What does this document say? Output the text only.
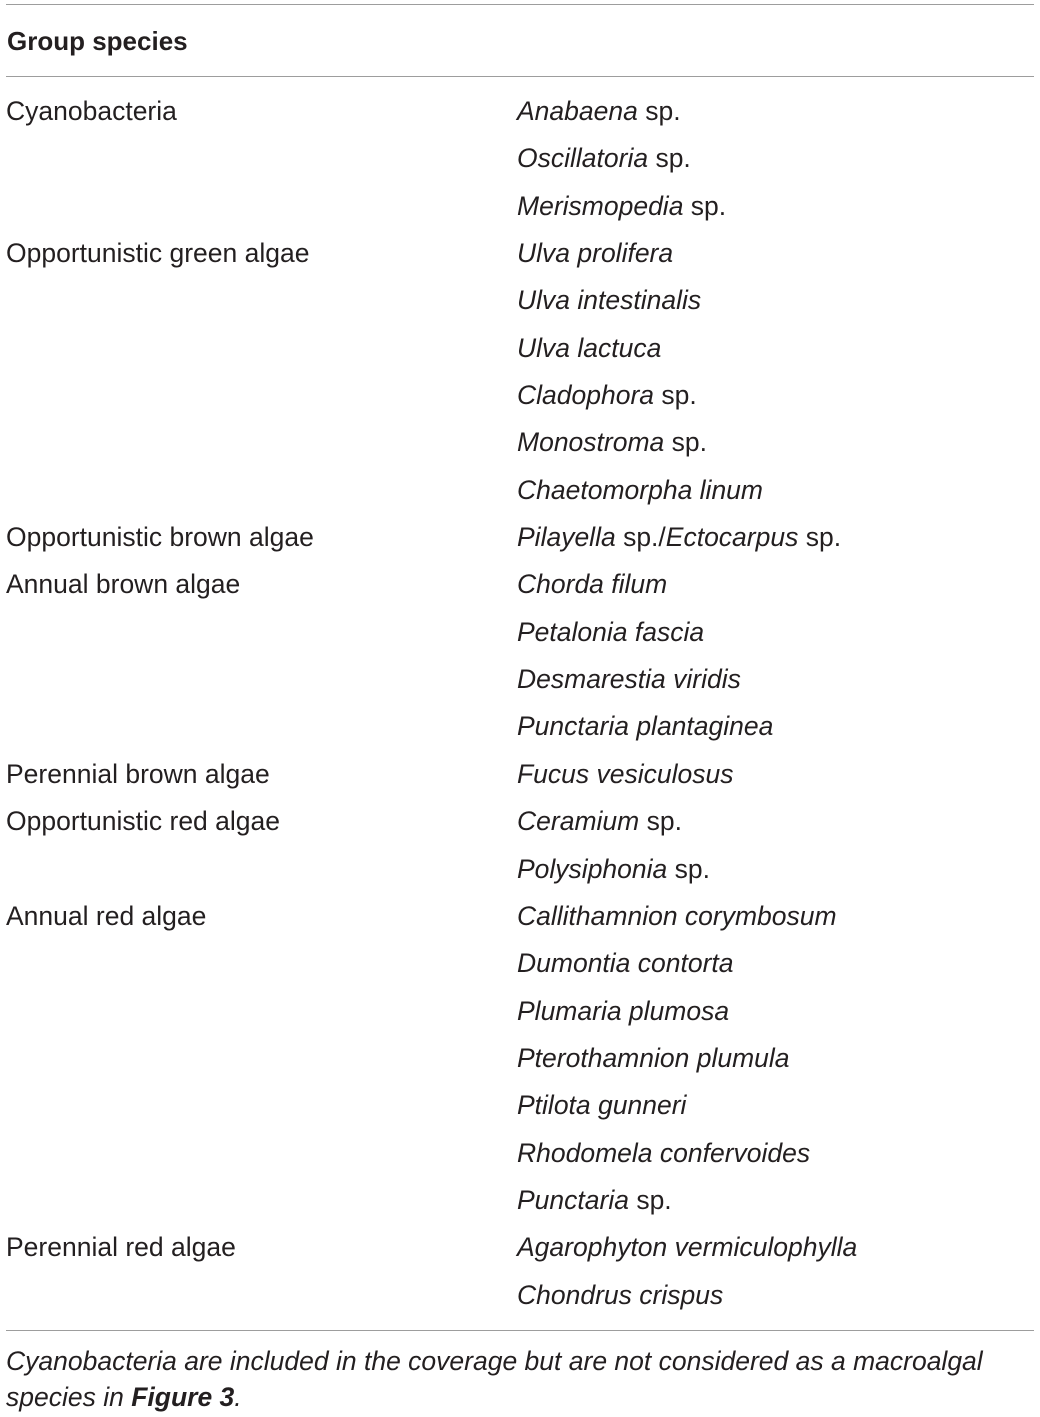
Group species
Cyanobacteria	Anabaena sp.
Oscillatoria sp.
Merismopedia sp.
Opportunistic green algae	Ulva prolifera
Ulva intestinalis
Ulva lactuca
Cladophora sp.
Monostroma sp.
Chaetomorpha linum
Opportunistic brown algae	Pilayella sp./Ectocarpus sp.
Annual brown algae	Chorda filum
Petalonia fascia
Desmarestia viridis
Punctaria plantaginea
Perennial brown algae	Fucus vesiculosus
Opportunistic red algae	Ceramium sp.
Polysiphonia sp.
Annual red algae	Callithamnion corymbosum
Dumontia contorta
Plumaria plumosa
Pterothamnion plumula
Ptilota gunneri
Rhodomela confervoides
Punctaria sp.
Perennial red algae	Agarophyton vermiculophylla
Chondrus crispus
Cyanobacteria are included in the coverage but are not considered as a macroalgal species in Figure 3.
